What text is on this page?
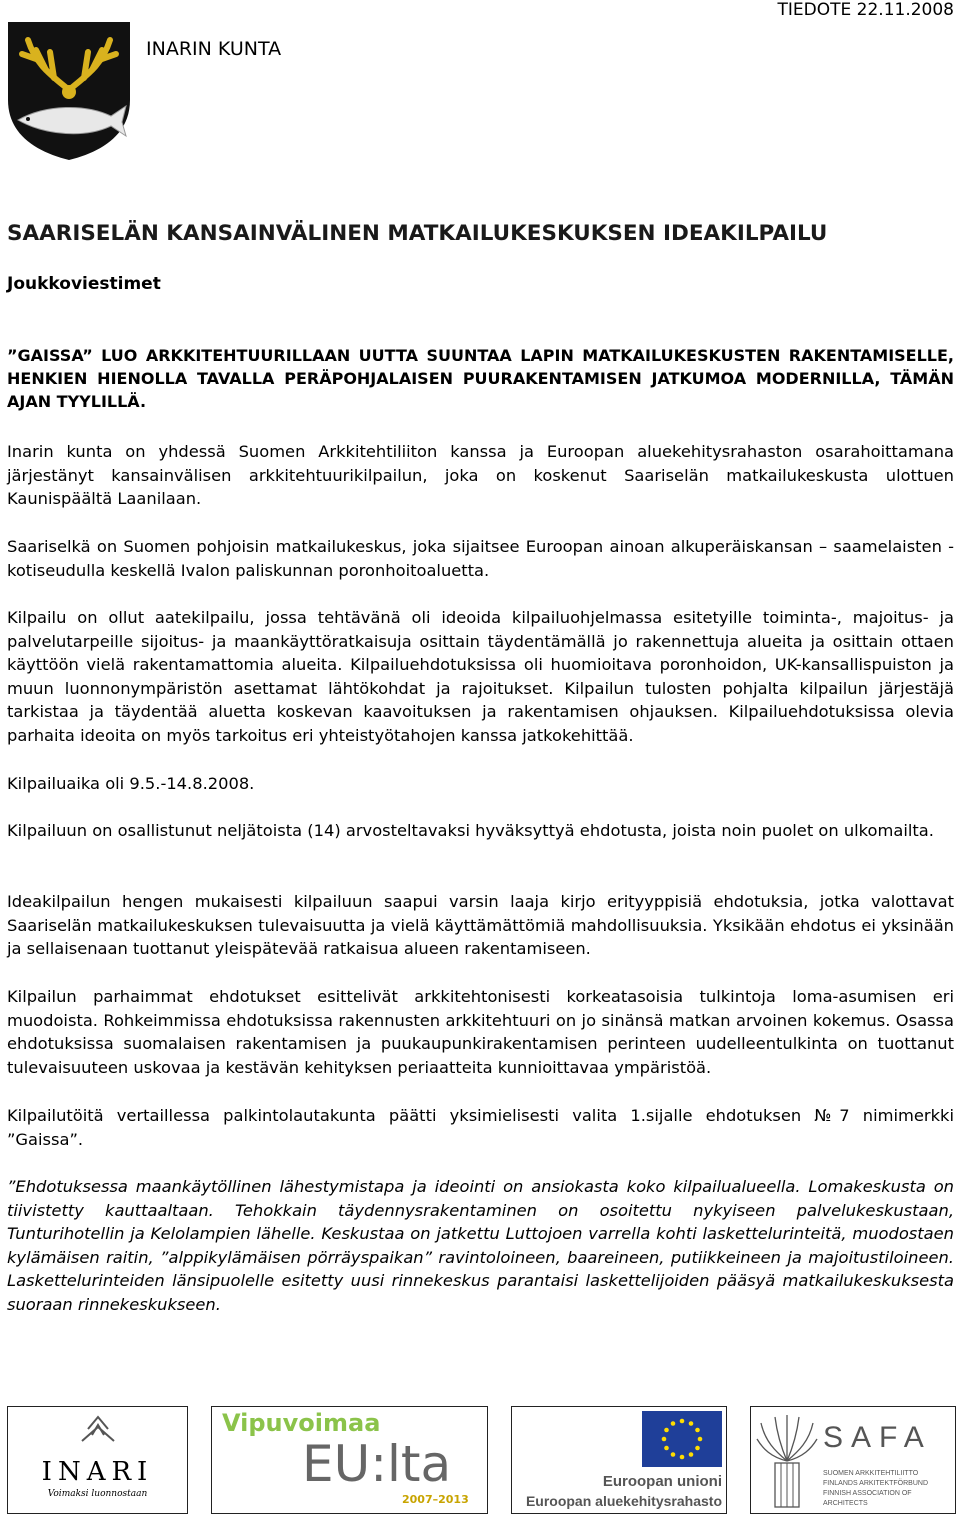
INARIN KUNTA
TIEDOTE 22.11.2008
SAARISELÄN KANSAINVÄLINEN MATKAILUKESKUKSEN IDEAKILPAILU
Joukkoviestimet
”GAISSA” LUO ARKKITEHTUURILLAAN UUTTA SUUNTAA LAPIN MATKAILUKESKUSTEN RAKENTAMISELLE, HENKIEN HIENOLLA TAVALLA PERÄPOHJALAISEN PUURAKENTAMISEN JATKUMOA MODERNILLA, TÄMÄN AJAN TYYLILLÄ.
Inarin kunta on yhdessä Suomen Arkkitehtiliiton kanssa ja Euroopan aluekehitysrahaston osarahoittamana järjestänyt kansainvälisen arkkitehtuurikilpailun, joka on koskenut Saariselän matkailukeskusta ulottuen Kaunispäältä Laanilaan.
Saariselkä on Suomen pohjoisin matkailukeskus, joka sijaitsee Euroopan ainoan alkuperäiskansan – saamelaisten - kotiseudulla keskellä Ivalon paliskunnan poronhoitoaluetta.
Kilpailu on ollut aatekilpailu, jossa tehtävänä oli ideoida kilpailuohjelmassa esitetyille toiminta-, majoitus- ja palvelutarpeille sijoitus- ja maankäyttöratkaisuja osittain täydentämällä jo rakennettuja alueita ja osittain ottaen käyttöön vielä rakentamattomia alueita. Kilpailuehdotuksissa oli huomioitava poronhoidon, UK-kansallispuiston ja muun luonnonympäristön asettamat lähtökohdat ja rajoitukset. Kilpailun tulosten pohjalta kilpailun järjestäjä tarkistaa ja täydentää aluetta koskevan kaavoituksen ja rakentamisen ohjauksen. Kilpailuehdotuksissa olevia parhaita ideoita on myös tarkoitus eri yhteistyötahojen kanssa jatkokehittää.
Kilpailuaika oli 9.5.-14.8.2008.
Kilpailuun on osallistunut neljätoista (14) arvosteltavaksi hyväksyttyä ehdotusta, joista noin puolet on ulkomailta.
Ideakilpailun hengen mukaisesti kilpailuun saapui varsin laaja kirjo erityyppisiä ehdotuksia, jotka valottavat Saariselän matkailukeskuksen tulevaisuutta ja vielä käyttämättömiä mahdollisuuksia. Yksikään ehdotus ei yksinään ja sellaisenaan tuottanut yleispätevää ratkaisua alueen rakentamiseen.
Kilpailun parhaimmat ehdotukset esittelivät arkkitehtonisesti korkeatasoisia tulkintoja loma-asumisen eri muodoista. Rohkeimmissa ehdotuksissa rakennusten arkkitehtuuri on jo sinänsä matkan arvoinen kokemus. Osassa ehdotuksissa suomalaisen rakentamisen ja puukaupunkirakentamisen perinteen uudelleentulkinta on tuottanut tulevaisuuteen uskovaa ja kestävän kehityksen periaatteita kunnioittavaa ympäristöä.
Kilpailutöitä vertaillessa palkintolautakunta päätti yksimielisesti valita 1.sijalle ehdotuksen №7 nimimerkki ”Gaissa”.
”Ehdotuksessa maankäytöllinen lähestymistapa ja ideointi on ansiokasta koko kilpailualueella. Lomakeskusta on tiivistetty kauttaaltaan. Tehokkain täydennysrakentaminen on osoitettu nykyiseen palvelukeskustaan, Tunturihotellin ja Kelolampien lähelle. Keskustaa on jatkettu Luttojoen varrella kohti laskettelurinteitä, muodostaen kylämäisen raitin, ”alppikylämäisen pörräyspaikan” ravintoloineen, baareineen, putiikkeineen ja majoitustiloineen. Laskettelurinteiden länsipuolelle esitetty uusi rinnekeskus parantaisi laskettelijoiden pääsyä matkailukeskuksesta suoraan rinnekeskukseen.
INARI
Voimaksi luonnostaan
Vipuvoimaa
EU:lta
2007–2013
Euroopan unioni
Euroopan aluekehitysrahasto
SAFA
SUOMEN ARKKITEHTILIITTO
FINLANDS ARKITEKTFÖRBUND
FINNISH ASSOCIATION OF ARCHITECTS
